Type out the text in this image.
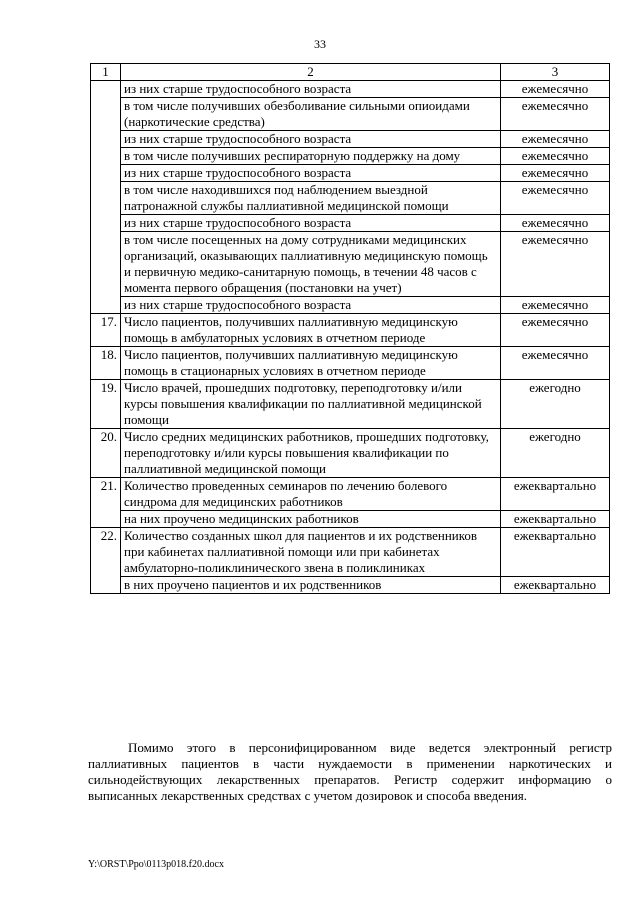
33
1	2	3
	из них старше трудоспособного возраста	ежемесячно
	в том числе получивших обезболивание сильными опиоидами (наркотические средства)	ежемесячно
	из них старше трудоспособного возраста	ежемесячно
	в том числе получивших респираторную поддержку на дому	ежемесячно
	из них старше трудоспособного возраста	ежемесячно
	в том числе находившихся под наблюдением выездной патронажной службы паллиативной медицинской помощи	ежемесячно
	из них старше трудоспособного возраста	ежемесячно
	в том числе посещенных на дому сотрудниками медицинских организаций, оказывающих паллиативную медицинскую помощь и первичную медико-санитарную помощь, в течении 48 часов с момента первого обращения (постановки на учет)	ежемесячно
	из них старше трудоспособного возраста	ежемесячно
17.	Число пациентов, получивших паллиативную медицинскую помощь в амбулаторных условиях в отчетном периоде	ежемесячно
18.	Число пациентов, получивших паллиативную медицинскую помощь в стационарных условиях в отчетном периоде	ежемесячно
19.	Число врачей, прошедших подготовку, переподготовку и/или курсы повышения квалификации по паллиативной медицинской помощи	ежегодно
20.	Число средних медицинских работников, прошедших подготовку, переподготовку и/или курсы повышения квалификации по паллиативной медицинской помощи	ежегодно
21.	Количество проведенных семинаров по лечению болевого синдрома для медицинских работников	ежеквартально
	на них проучено медицинских работников	ежеквартально
22.	Количество созданных школ для пациентов и их родственников при кабинетах паллиативной помощи или при кабинетах амбулаторно-поликлинического звена в поликлиниках	ежеквартально
	в них проучено пациентов и их родственников	ежеквартально

Помимо этого в персонифицированном виде ведется электронный регистр паллиативных пациентов в части нуждаемости в применении наркотических и сильнодействующих лекарственных препаратов. Регистр содержит информацию о выписанных лекарственных средствах с учетом дозировок и способа введения.

Y:\ORST\Ppo\0113p018.f20.docx
